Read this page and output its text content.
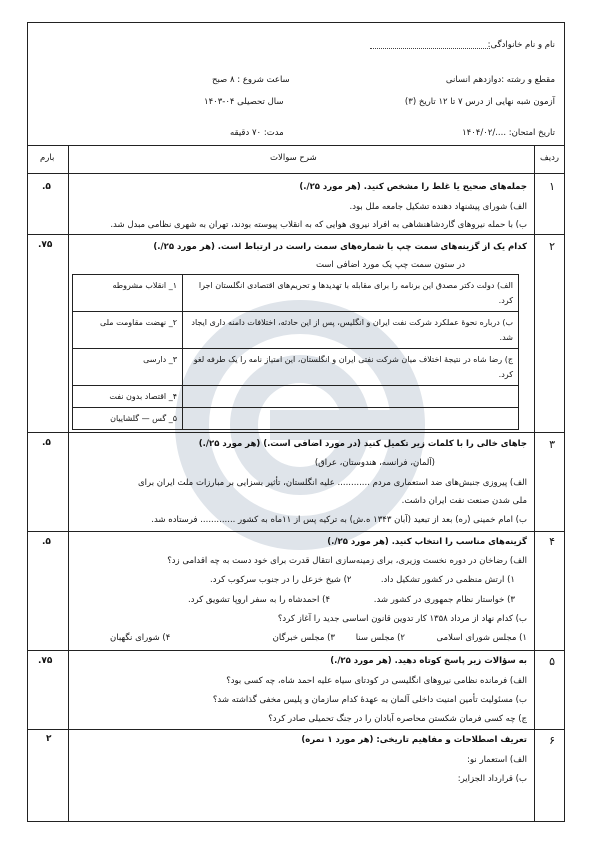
نام و نام خانوادگی:
مقطع و رشته :دوازدهم انسانی
ساعت شروع : ۸ صبح
آزمون شبه نهایی از درس ۷ تا ۱۲ تاریخ (۳)
سال تحصیلی ۰۴-۱۴۰۳
تاریخ امتحان: ..../۱۴۰۴/۰۲
مدت: ۷۰ دقیقه
ردیف
شرح سوالات
بارم
۱
.۵	جمله‌های صحیح یا غلط را مشخص کنید. (هر مورد ۲۵/.)
الف) شورای پیشنهاد دهنده تشکیل جامعه ملل بود.
ب) با حمله نیروهای گاردشاهنشاهی به افراد نیروی هوایی که به انقلاب پیوسته بودند، تهران به شهری نظامی مبدل شد.
۲
.۷۵	کدام یک از گزینه‌های سمت چپ با شماره‌های سمت راست در ارتباط است. (هر مورد ۲۵/.)
در ستون سمت چپ یک مورد اضافی است
الف) دولت دکتر مصدق این برنامه را برای مقابله با تهدیدها و تحریم‌های اقتصادی انگلستان اجرا کرد.	۱_ انقلاب مشروطه
ب) درباره نحوهٔ عملکرد شرکت نفت ایران و انگلیس، پس از این حادثه، اختلافات دامنه داری ایجاد شد.	۲_ نهضت مقاومت ملی
ج) رضا شاه در نتیجهٔ اختلاف میان شرکت نفتی ایران و انگلستان، این امتیاز نامه را یک طرفه لغو کرد.	۳_ دارسی
	۴_ اقتصاد بدون نفت
	۵_ گس — گلشاییان
۳
.۵	جاهای خالی را با کلمات زیر تکمیل کنید (در مورد اضافی است.) (هر مورد ۲۵/.)
(آلمان، فرانسه، هندوستان، عراق)
الف) پیروزی جنبش‌های ضد استعماری مردم ............ علیه انگلستان، تأثیر بسزایی بر مبارزات ملت ایران برای
ملی شدن صنعت نفت ایران داشت.
ب) امام خمینی (ره) بعد از تبعید (آبان ۱۳۴۳ ه.ش) به ترکیه پس از ۱۱ماه به کشور ............. فرستاده شد.
۴
.۵	گزینه‌های مناسب را انتخاب کنید. (هر مورد ۲۵/.)
الف) رضاخان در دوره نخست وزیری، برای زمینه‌سازی انتقال قدرت برای خود دست به چه اقدامی زد؟
۱) ارتش منظمی در کشور تشکیل داد.
۲) شیخ خزعل را در جنوب سرکوب کرد.
۳) خواستار نظام جمهوری در کشور شد.
۴) احمدشاه را به سفر اروپا تشویق کرد.
ب) کدام نهاد از مرداد ۱۳۵۸ کار تدوین قانون اساسی جدید را آغاز کرد؟
۱) مجلس شورای اسلامی
۲) مجلس سنا
۳) مجلس خبرگان
۴) شورای نگهبان
۵
.۷۵	به سؤالات زیر پاسخ کوتاه دهید. (هر مورد ۲۵/.)
الف) فرمانده نظامی نیروهای انگلیسی در کودتای سیاه علیه احمد شاه، چه کسی بود؟
ب) مسئولیت تأمین امنیت داخلی آلمان به عهدهٔ کدام سازمان و پلیس مخفی گذاشته شد؟
ج) چه کسی فرمان شکستن محاصره آبادان را در جنگ تحمیلی صادر کرد؟
۶
۲	تعریف اصطلاحات و مفاهیم تاریخی: (هر مورد ۱ نمره)
الف) استعمار نو:
ب) قرارداد الجزایر:
